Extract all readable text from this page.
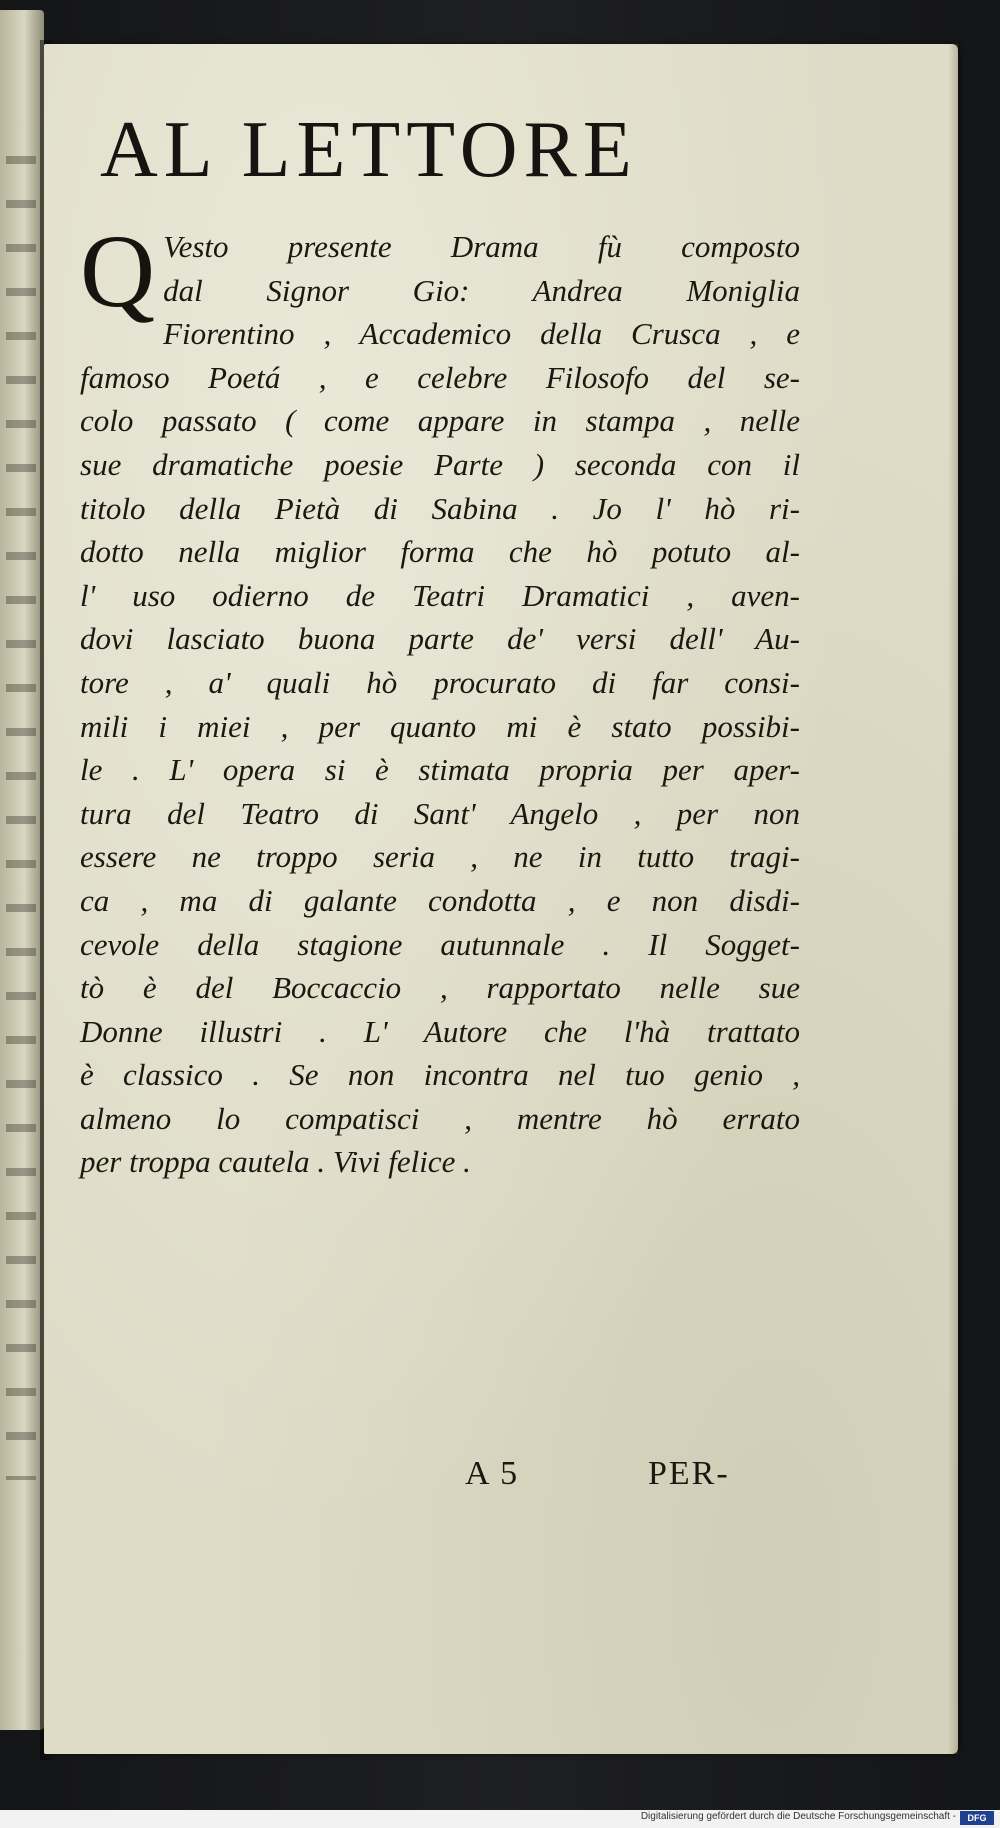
AL LETTORE
Q Vesto presente Drama fù composto
dal Signor Gio: Andrea Moniglia
Fiorentino , Accademico della Crusca , e
famoso Poetá , e celebre Filosofo del se-
colo passato ( come appare in stampa , nelle
sue dramatiche poesie Parte ) seconda con il
titolo della Pietà di Sabina . Jo l' hò ri-
dotto nella miglior forma che hò potuto al-
l' uso odierno de Teatri Dramatici , aven-
dovi lasciato buona parte de' versi dell' Au-
tore , a' quali hò procurato di far consi-
mili i miei , per quanto mi è stato possibi-
le . L' opera si è stimata propria per aper-
tura del Teatro di Sant' Angelo , per non
essere ne troppo seria , ne in tutto tragi-
ca , ma di galante condotta , e non disdi-
cevole della stagione autunnale . Il Sogget-
tò è del Boccaccio , rapportato nelle sue
Donne illustri . L' Autore che l'hà trattato
è classico . Se non incontra nel tuo genio ,
almeno lo compatisci , mentre hò errato
per troppa cautela . Vivi felice .
A 5	PER-
Digitalisierung gefördert durch die Deutsche Forschungsgemeinschaft -	DFG
